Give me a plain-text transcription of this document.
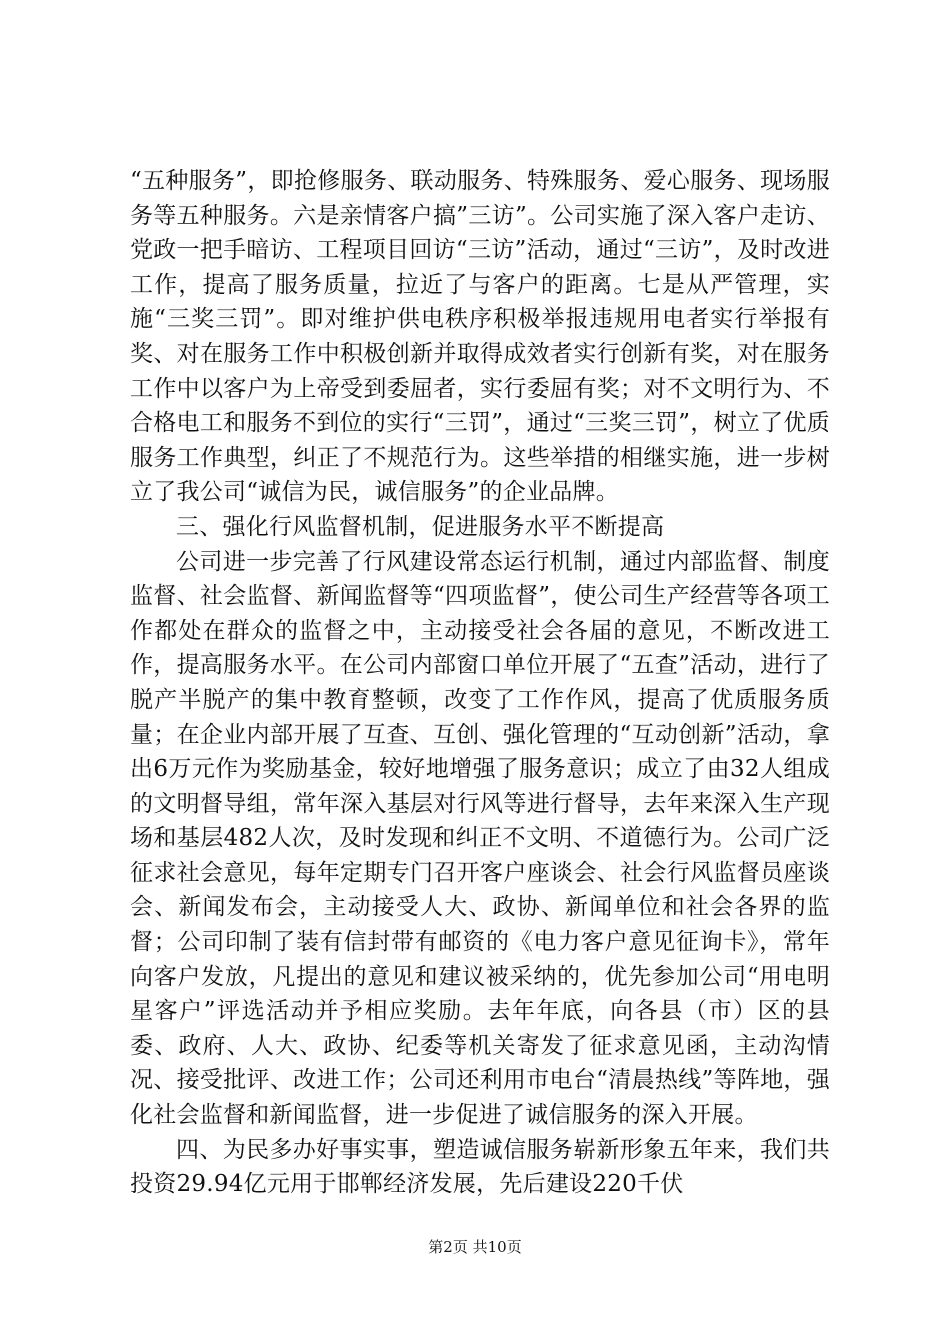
“五种服务”，即抢修服务、联动服务、特殊服务、爱心服务、现场服务等五种服务。六是亲情客户搞”三访”。公司实施了深入客户走访、党政一把手暗访、工程项目回访“三访”活动，通过“三访”，及时改进工作，提高了服务质量，拉近了与客户的距离。七是从严管理，实施“三奖三罚”。即对维护供电秩序积极举报违规用电者实行举报有奖、对在服务工作中积极创新并取得成效者实行创新有奖，对在服务工作中以客户为上帝受到委屈者，实行委屈有奖；对不文明行为、不合格电工和服务不到位的实行“三罚”，通过“三奖三罚”，树立了优质服务工作典型，纠正了不规范行为。这些举措的相继实施，进一步树立了我公司“诚信为民，诚信服务”的企业品牌。

三、强化行风监督机制，促进服务水平不断提高

公司进一步完善了行风建设常态运行机制，通过内部监督、制度监督、社会监督、新闻监督等“四项监督”，使公司生产经营等各项工作都处在群众的监督之中，主动接受社会各届的意见，不断改进工作，提高服务水平。在公司内部窗口单位开展了“五查”活动，进行了脱产半脱产的集中教育整顿，改变了工作作风，提高了优质服务质量；在企业内部开展了互查、互创、强化管理的“互动创新”活动，拿出6万元作为奖励基金，较好地增强了服务意识；成立了由32人组成的文明督导组，常年深入基层对行风等进行督导，去年来深入生产现场和基层482人次，及时发现和纠正不文明、不道德行为。公司广泛征求社会意见，每年定期专门召开客户座谈会、社会行风监督员座谈会、新闻发布会，主动接受人大、政协、新闻单位和社会各界的监督；公司印制了装有信封带有邮资的《电力客户意见征询卡》，常年向客户发放，凡提出的意见和建议被采纳的，优先参加公司“用电明星客户”评选活动并予相应奖励。去年年底，向各县（市）区的县委、政府、人大、政协、纪委等机关寄发了征求意见函，主动沟情况、接受批评、改进工作；公司还利用市电台“清晨热线”等阵地，强化社会监督和新闻监督，进一步促进了诚信服务的深入开展。

四、为民多办好事实事，塑造诚信服务崭新形象五年来，我们共投资29.94亿元用于邯郸经济发展，先后建设220千伏

第2页 共10页
